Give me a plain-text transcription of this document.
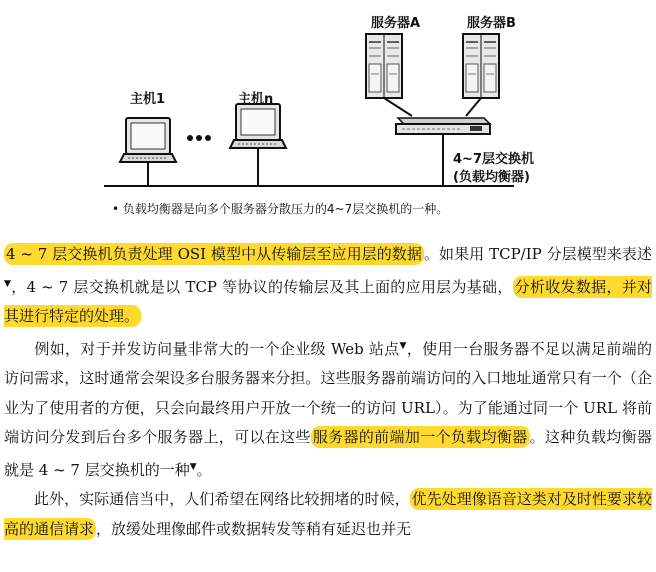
主机1	主机n
服务器A	服务器B
4~7层交换机
(负载均衡器)
• 负载均衡器是向多个服务器分散压力的4~7层交换机的一种。

4 ~ 7 层交换机负责处理 OSI 模型中从传输层至应用层的数据 。如果用 TCP/IP 分层模型来表述▼，4 ~ 7 层交换机就是以 TCP 等协议的传输层及其上面的应用层为基础， 分析收发数据，并对其进行特定的处理。

  例如，对于并发访问量非常大的一个企业级 Web 站点▼，使用一台服务器不足以满足前端的访问需求，这时通常会架设多台服务器来分担。这些服务器前端访问的入口地址通常只有一个（企业为了使用者的方便，只会向最终用户开放一个统一的访问 URL）。为了能通过同一个 URL 将前端访问分发到后台多个服务器上，可以在这些 服务器的前端加一个负载均衡器 。这种负载均衡器就是 4 ~ 7 层交换机的一种▼。

  此外，实际通信当中，人们希望在网络比较拥堵的时候， 优先处理像语音这类对及时性要求较高的通信请求 ，放缓处理像邮件或数据转发等稍有延迟也并无
